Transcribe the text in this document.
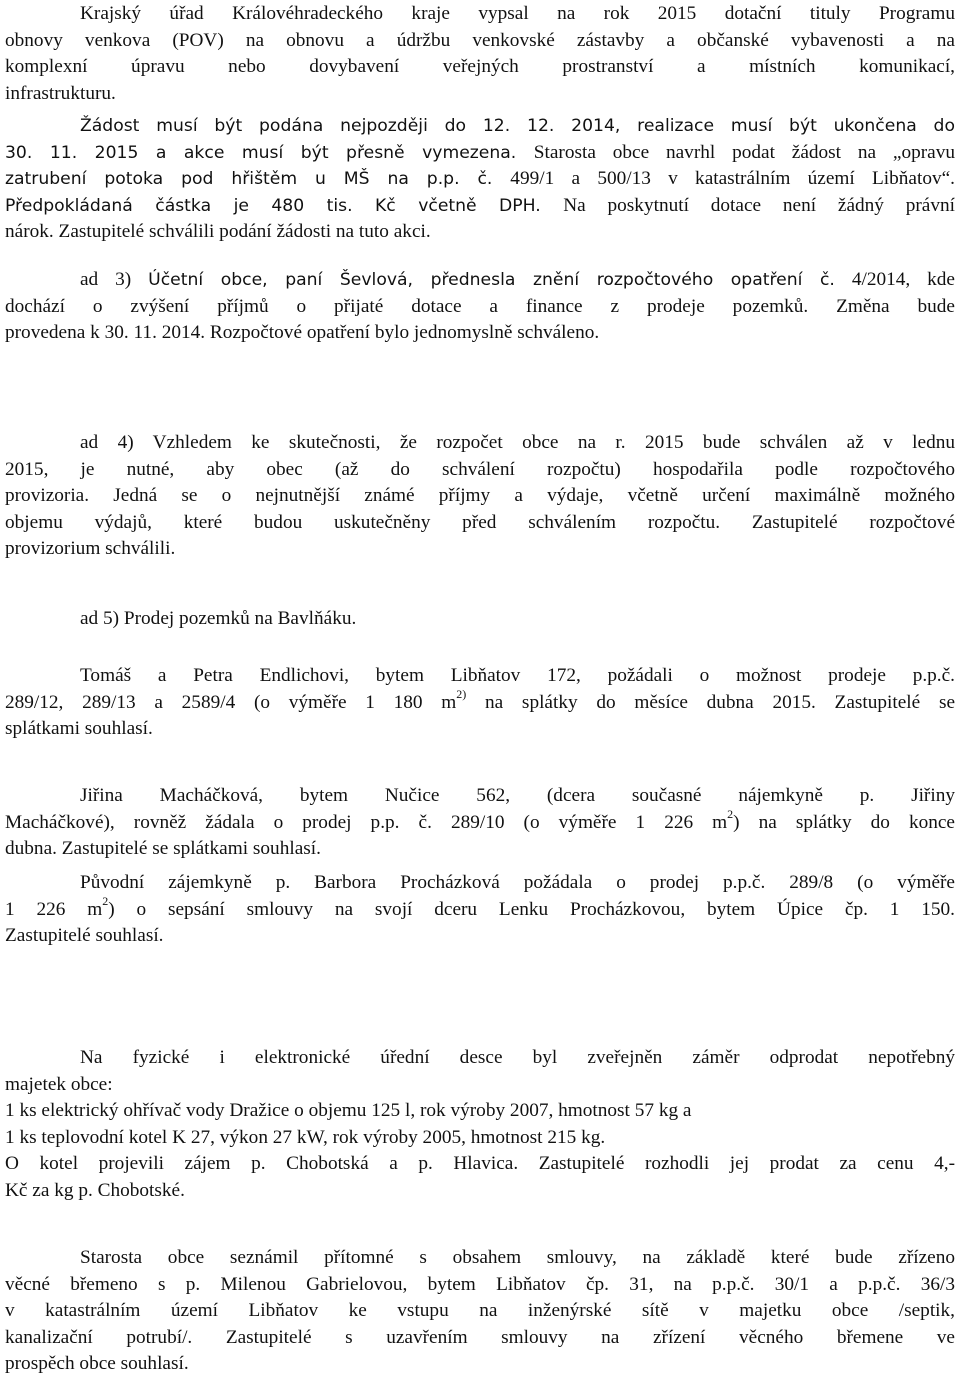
Krajský úřad Královéhradeckého kraje vypsal na rok 2015 dotační tituly Programu
obnovy venkova (POV) na obnovu a údržbu venkovské zástavby a občanské vybavenosti a na
komplexní úpravu nebo dovybavení veřejných prostranství a místních komunikací,
infrastrukturu.
Žádost musí být podána nejpozději do 12. 12. 2014, realizace musí být ukončena do
30. 11. 2015 a akce musí být přesně vymezena. Starosta obce navrhl podat žádost na „opravu
zatrubení potoka pod hřištěm u MŠ na p.p. č. 499/1 a 500/13 v katastrálním území Libňatov“.
Předpokládaná částka je 480 tis. Kč včetně DPH. Na poskytnutí dotace není žádný právní
nárok. Zastupitelé schválili podání žádosti na tuto akci.
ad 3) Účetní obce, paní Ševlová, přednesla znění rozpočtového opatření č. 4/2014, kde
dochází o zvýšení příjmů o přijaté dotace a finance z prodeje pozemků. Změna bude
provedena k 30. 11. 2014. Rozpočtové opatření bylo jednomyslně schváleno.
ad 4) Vzhledem ke skutečnosti, že rozpočet obce na r. 2015 bude schválen až v lednu
2015, je nutné, aby obec (až do schválení rozpočtu) hospodařila podle rozpočtového
provizoria. Jedná se o nejnutnější známé příjmy a výdaje, včetně určení maximálně možného
objemu výdajů, které budou uskutečněny před schválením rozpočtu. Zastupitelé rozpočtové
provizorium schválili.
ad 5) Prodej pozemků na Bavlňáku.
Tomáš a Petra Endlichovi, bytem Libňatov 172, požádali o možnost prodeje p.p.č.
289/12, 289/13 a 2589/4 (o výměře 1 180 $m^{2)}$ na splátky do měsíce dubna 2015. Zastupitelé se
splátkami souhlasí.
Jiřina Macháčková, bytem Nučice 562, (dcera současné nájemkyně p. Jiřiny
Macháčkové), rovněž žádala o prodej p.p. č. 289/10 (o výměře 1 226 $m^2$) na splátky do konce
dubna. Zastupitelé se splátkami souhlasí.
Původní zájemkyně p. Barbora Procházková požádala o prodej p.p.č. 289/8 (o výměře
1 226 $m^2$) o sepsání smlouvy na svojí dceru Lenku Procházkovou, bytem Úpice čp. 1 150.
Zastupitelé souhlasí.
Na fyzické i elektronické úřední desce byl zveřejněn záměr odprodat nepotřebný
majetek obce:
1 ks elektrický ohřívač vody Dražice o objemu 125 l, rok výroby 2007, hmotnost 57 kg a
1 ks teplovodní kotel K 27, výkon 27 kW, rok výroby 2005, hmotnost 215 kg.
O kotel projevili zájem p. Chobotská a p. Hlavica. Zastupitelé rozhodli jej prodat za cenu 4,-
Kč za kg p. Chobotské.
Starosta obce seznámil přítomné s obsahem smlouvy, na základě které bude zřízeno
věcné břemeno s p. Milenou Gabrielovou, bytem Libňatov čp. 31, na p.p.č. 30/1 a p.p.č. 36/3
v katastrálním území Libňatov ke vstupu na inženýrské sítě v majetku obce /septik,
kanalizační potrubí/. Zastupitelé s uzavřením smlouvy na zřízení věcného břemene ve
prospěch obce souhlasí.
